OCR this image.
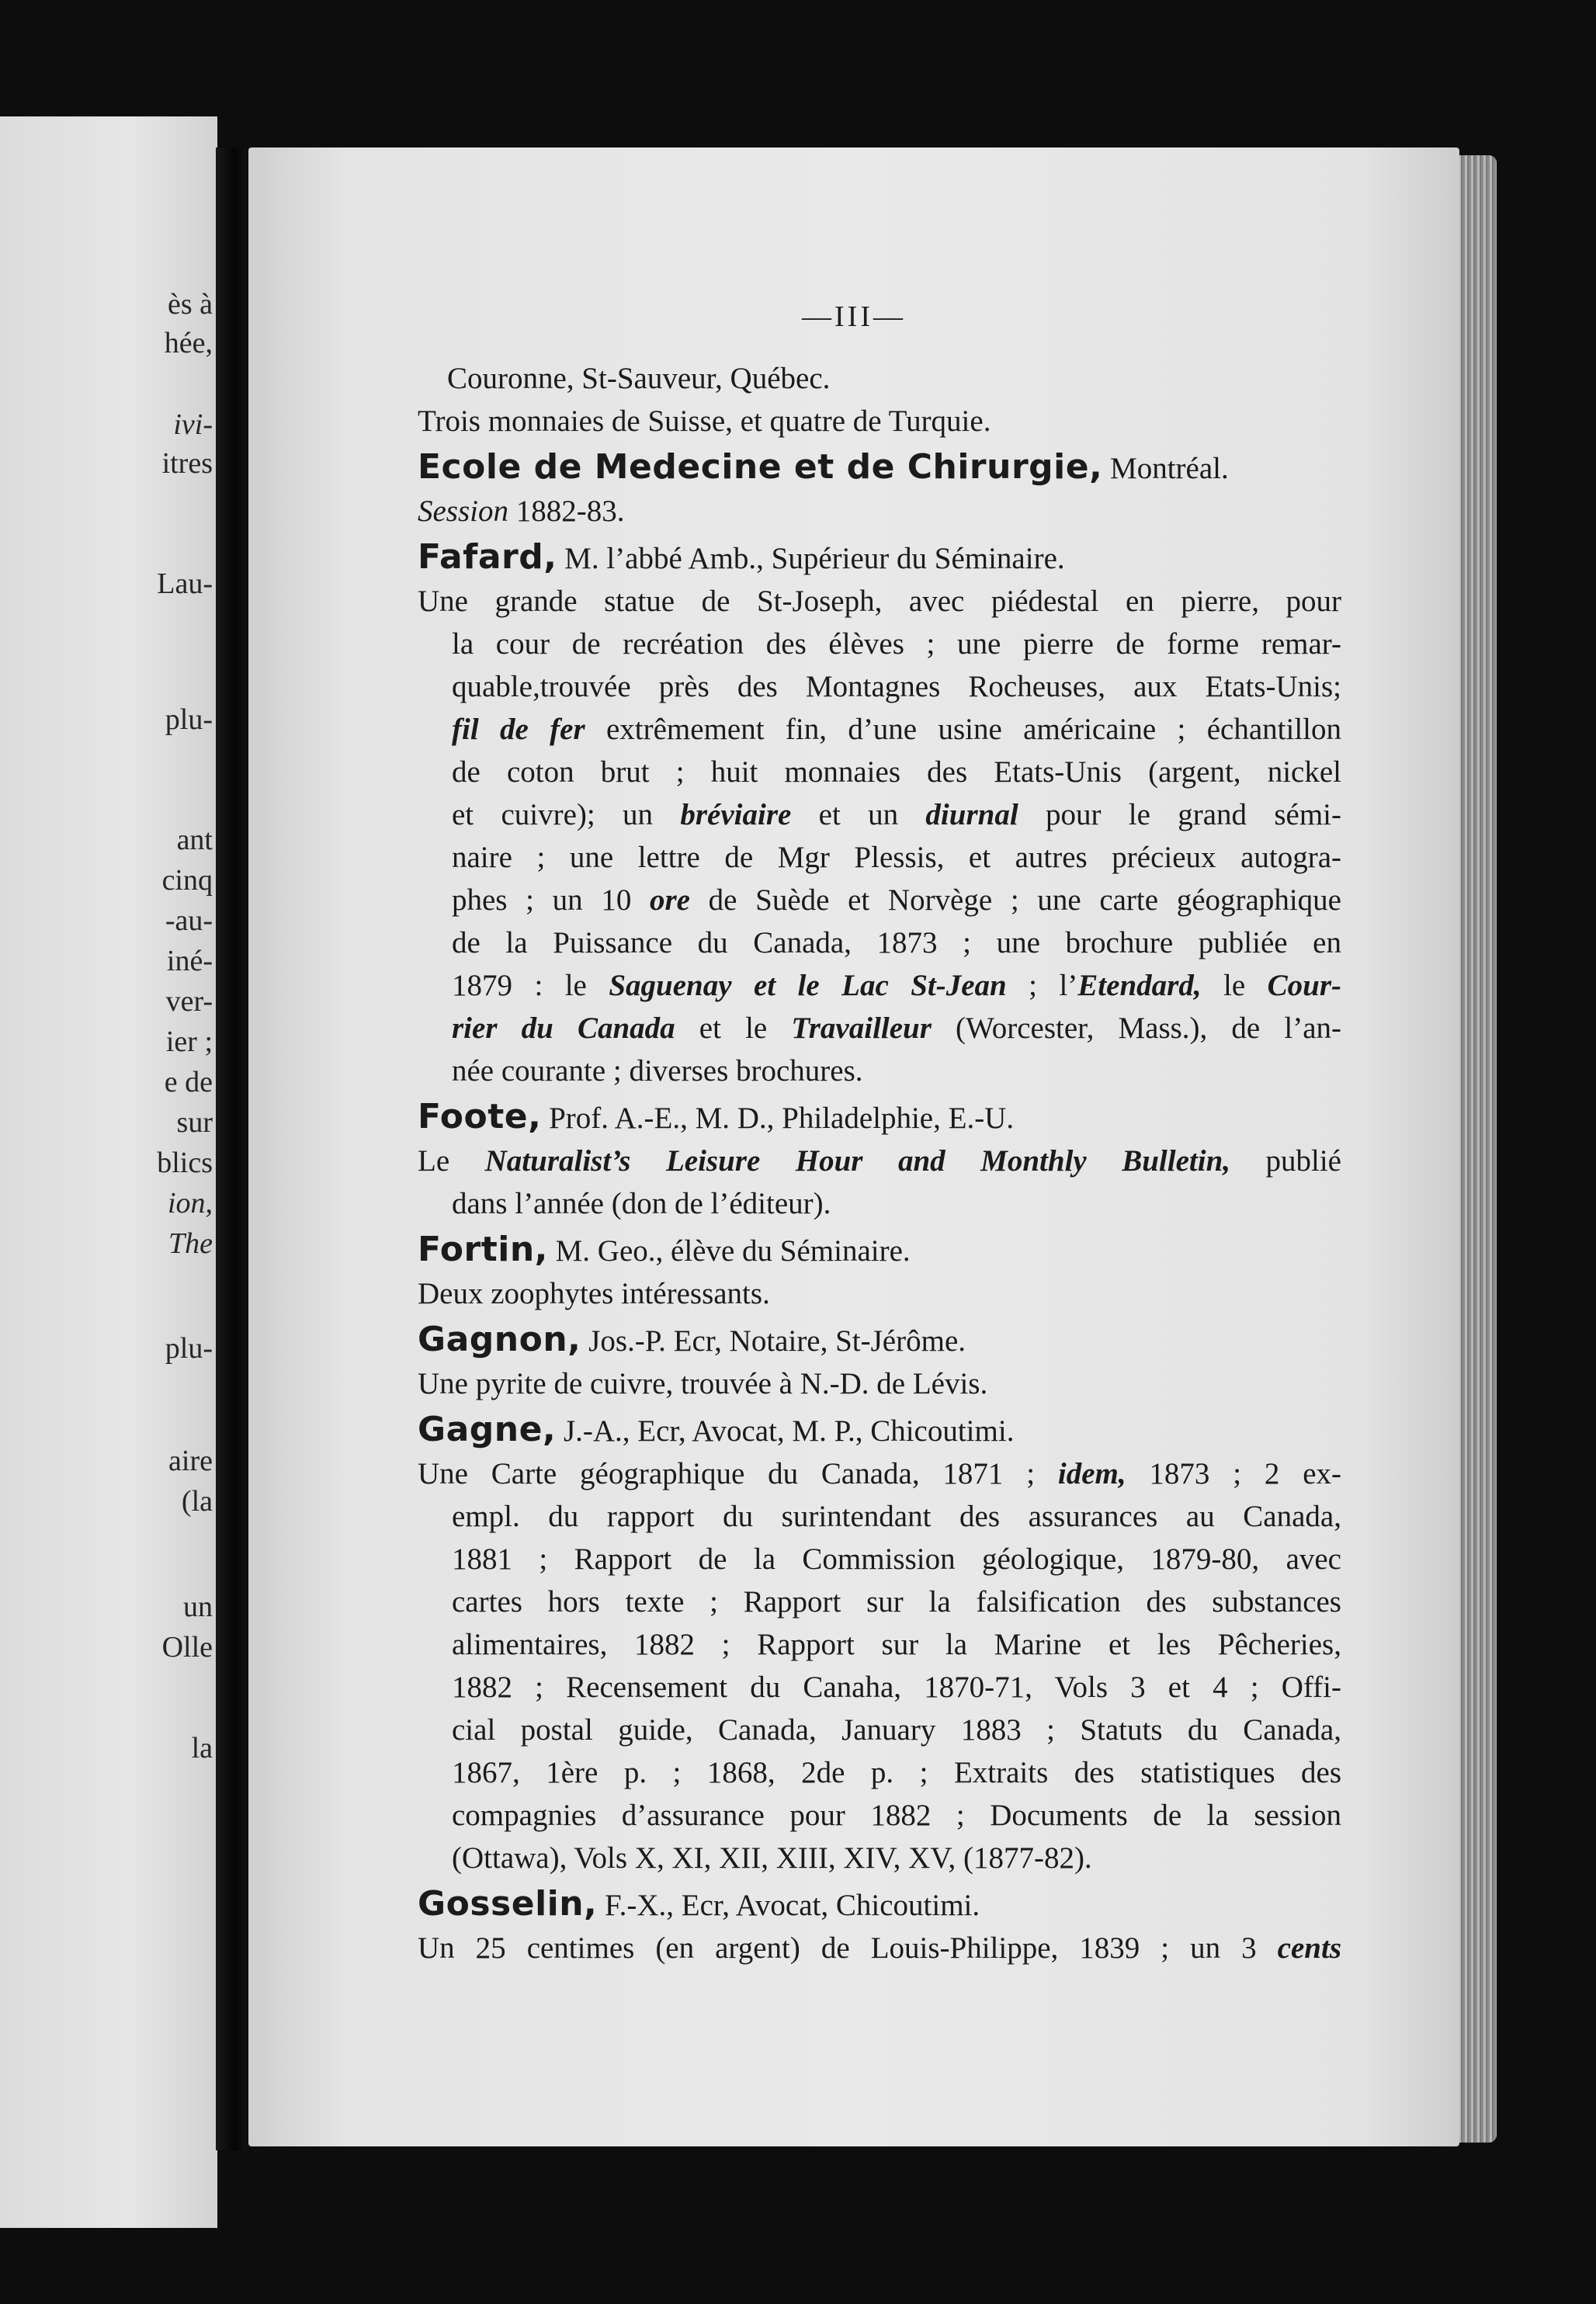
ès à
hée,
ivi-
itres
Lau-
plu-
ant
cinq
-au-
iné-
ver-
ier ;
e de
sur
blics
ion,
The
plu-
aire
(la
un
Olle
la
—III—
Couronne, St-Sauveur, Québec.
Trois monnaies de Suisse, et quatre de Turquie.
Ecole de Medecine et de Chirurgie, Montréal.
Session 1882-83.
Fafard, M. l’abbé Amb., Supérieur du Séminaire.
Une grande statue de St-Joseph, avec piédestal en pierre, pour
la cour de recréation des élèves ; une pierre de forme remar-
quable,trouvée près des Montagnes Rocheuses, aux Etats-Unis;
fil de fer extrêmement fin, d’une usine américaine ; échantillon
de coton brut ; huit monnaies des Etats-Unis (argent, nickel
et cuivre); un bréviaire et un diurnal pour le grand sémi-
naire ; une lettre de Mgr Plessis, et autres précieux autogra-
phes ; un 10 ore de Suède et Norvège ; une carte géographique
de la Puissance du Canada, 1873 ; une brochure publiée en
1879 : le Saguenay et le Lac St-Jean ; l’Etendard, le Cour-
rier du Canada et le Travailleur (Worcester, Mass.), de l’an-
née courante ; diverses brochures.
Foote, Prof. A.-E., M. D., Philadelphie, E.-U.
Le Naturalist’s Leisure Hour and Monthly Bulletin, publié
dans l’année (don de l’éditeur).
Fortin, M. Geo., élève du Séminaire.
Deux zoophytes intéressants.
Gagnon, Jos.-P. Ecr, Notaire, St-Jérôme.
Une pyrite de cuivre, trouvée à N.-D. de Lévis.
Gagne, J.-A., Ecr, Avocat, M. P., Chicoutimi.
Une Carte géographique du Canada, 1871 ; idem, 1873 ; 2 ex-
empl. du rapport du surintendant des assurances au Canada,
1881 ; Rapport de la Commission géologique, 1879-80, avec
cartes hors texte ; Rapport sur la falsification des substances
alimentaires, 1882 ; Rapport sur la Marine et les Pêcheries,
1882 ; Recensement du Canaha, 1870-71, Vols 3 et 4 ; Offi-
cial postal guide, Canada, January 1883 ; Statuts du Canada,
1867, 1ère p. ; 1868, 2de p. ; Extraits des statistiques des
compagnies d’assurance pour 1882 ; Documents de la session
(Ottawa), Vols X, XI, XII, XIII, XIV, XV, (1877-82).
Gosselin, F.-X., Ecr, Avocat, Chicoutimi.
Un 25 centimes (en argent) de Louis-Philippe, 1839 ; un 3 cents
